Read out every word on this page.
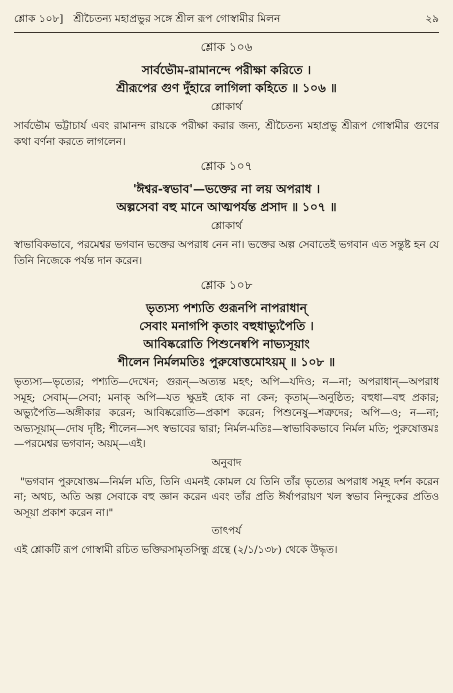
শ্লোক ১০৮] শ্রীচৈতন্য মহাপ্রভুর সঙ্গে শ্রীল রূপ গোস্বামীর মিলন	২৯
শ্লোক ১০৬
সার্বভৌম-রামানন্দে পরীক্ষা করিতে ।
শ্রীরূপের গুণ দুঁহারে লাগিলা কহিতে ॥ ১০৬ ॥
শ্লোকার্থ
সার্বভৌম ভট্টাচার্য এবং রামানন্দ রায়কে পরীক্ষা করার জন্য, শ্রীচৈতন্য মহাপ্রভু শ্রীরূপ গোস্বামীর গুণের কথা বর্ণনা করতে লাগলেন।
শ্লোক ১০৭
'ঈশ্বর-স্বভাব'—ভক্তের না লয় অপরাধ ।
অল্পসেবা বহু মানে আত্মপর্যন্ত প্রসাদ ॥ ১০৭ ॥
শ্লোকার্থ
স্বাভাবিকভাবে, পরমেশ্বর ভগবান ভক্তের অপরাধ নেন না। ভক্তের অল্প সেবাতেই ভগবান এত সন্তুষ্ট হন যে তিনি নিজেকে পর্যন্ত দান করেন।
শ্লোক ১০৮
ভৃত্যস্য পশ্যতি গুরূনপি নাপরাধান্
সেবাং মনাগপি কৃতাং বহুধাভ্যুপৈতি ।
আবিষ্করোতি পিশুনেষ্বপি নাভ্যসূয়াং
শীলেন নির্মলমতিঃ পুরুষোত্তমোঽয়ম্ ॥ ১০৮ ॥
ভৃত্যস্য—ভৃত্যের; পশ্যতি—দেখেন; গুরূন্—অত্যন্ত মহৎ; অপি—যদিও; ন—না; অপরাধান্—অপরাধ সমূহ; সেবাম্—সেবা; মনাক্ অপি—যত ক্ষুদ্রই হোক না কেন; কৃতাম্—অনুষ্ঠিত; বহুধা—বহু প্রকার; অভ্যুপৈতি—অঙ্গীকার করেন; আবিষ্করোতি—প্রকাশ করেন; পিশুনেষু—শত্রুদের; অপি—ও; ন—না; অভ্যসূয়াম্—দোষ দৃষ্টি; শীলেন—সৎ স্বভাবের দ্বারা; নির্মল-মতিঃ—স্বাভাবিকভাবে নির্মল মতি; পুরুষোত্তমঃ—পরমেশ্বর ভগবান; অয়ম্—এই।
অনুবাদ
"ভগবান পুরুষোত্তম—নির্মল মতি, তিনি এমনই কোমল যে তিনি তাঁর ভৃত্যের অপরাধ সমূহ দর্শন করেন না; অথচ, অতি অল্প সেবাকে বহু জ্ঞান করেন এবং তাঁর প্রতি ঈর্ষাপরায়ণ খল স্বভাব নিন্দুকের প্রতিও অসূয়া প্রকাশ করেন না।"
তাৎপর্য
এই শ্লোকটি রূপ গোস্বামী রচিত ভক্তিরসামৃতসিন্ধু গ্রন্থে (২/১/১৩৮) থেকে উদ্ধৃত।
